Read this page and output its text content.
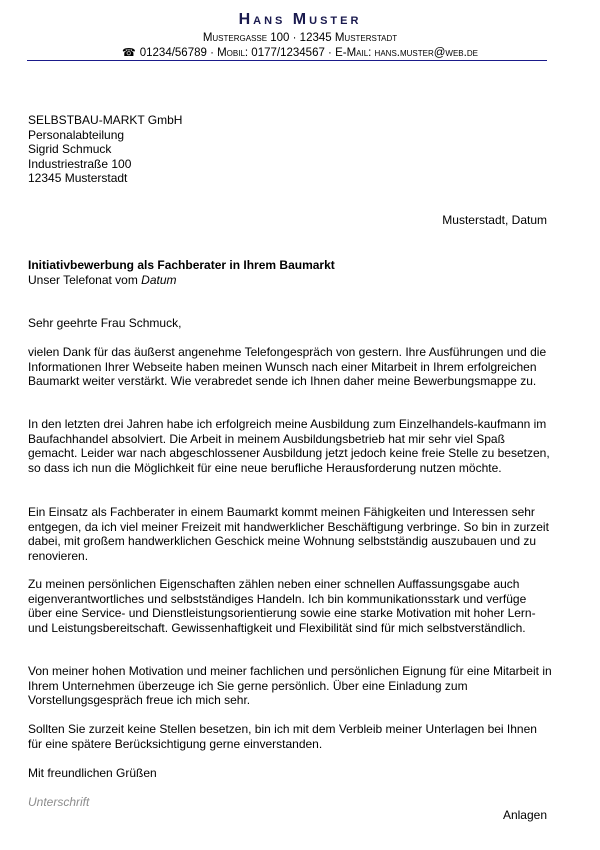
Hans Muster
Mustergasse 100 · 12345 Musterstadt
☎ 01234/56789 · Mobil: 0177/1234567 · E-Mail: hans.muster@web.de
SELBSTBAU-MARKT GmbH
Personalabteilung
Sigrid Schmuck
Industriestraße 100
12345 Musterstadt
Musterstadt, Datum
Initiativbewerbung als Fachberater in Ihrem Baumarkt
Unser Telefonat vom Datum
Sehr geehrte Frau Schmuck,

vielen Dank für das äußerst angenehme Telefongespräch von gestern. Ihre Ausführungen und die Informationen Ihrer Webseite haben meinen Wunsch nach einer Mitarbeit in Ihrem erfolgreichen Baumarkt weiter verstärkt. Wie verabredet sende ich Ihnen daher meine Bewerbungsmappe zu.

In den letzten drei Jahren habe ich erfolgreich meine Ausbildung zum Einzelhandels-kaufmann im Baufachhandel absolviert. Die Arbeit in meinem Ausbildungsbetrieb hat mir sehr viel Spaß gemacht. Leider war nach abgeschlossener Ausbildung jetzt jedoch keine freie Stelle zu besetzen, so dass ich nun die Möglichkeit für eine neue berufliche Herausforderung nutzen möchte.

Ein Einsatz als Fachberater in einem Baumarkt kommt meinen Fähigkeiten und Interessen sehr entgegen, da ich viel meiner Freizeit mit handwerklicher Beschäftigung verbringe. So bin in zurzeit dabei, mit großem handwerklichen Geschick meine Wohnung selbstständig auszubauen und zu renovieren.

Zu meinen persönlichen Eigenschaften zählen neben einer schnellen Auffassungsgabe auch eigenverantwortliches und selbstständiges Handeln. Ich bin kommunikationsstark und verfüge über eine Service- und Dienstleistungsorientierung sowie eine starke Motivation mit hoher Lern- und Leistungsbereitschaft. Gewissenhaftigkeit und Flexibilität sind für mich selbstverständlich.

Von meiner hohen Motivation und meiner fachlichen und persönlichen Eignung für eine Mitarbeit in Ihrem Unternehmen überzeuge ich Sie gerne persönlich. Über eine Einladung zum Vorstellungsgespräch freue ich mich sehr.

Sollten Sie zurzeit keine Stellen besetzen, bin ich mit dem Verbleib meiner Unterlagen bei Ihnen für eine spätere Berücksichtigung gerne einverstanden.

Mit freundlichen Grüßen
Unterschrift
Anlagen
